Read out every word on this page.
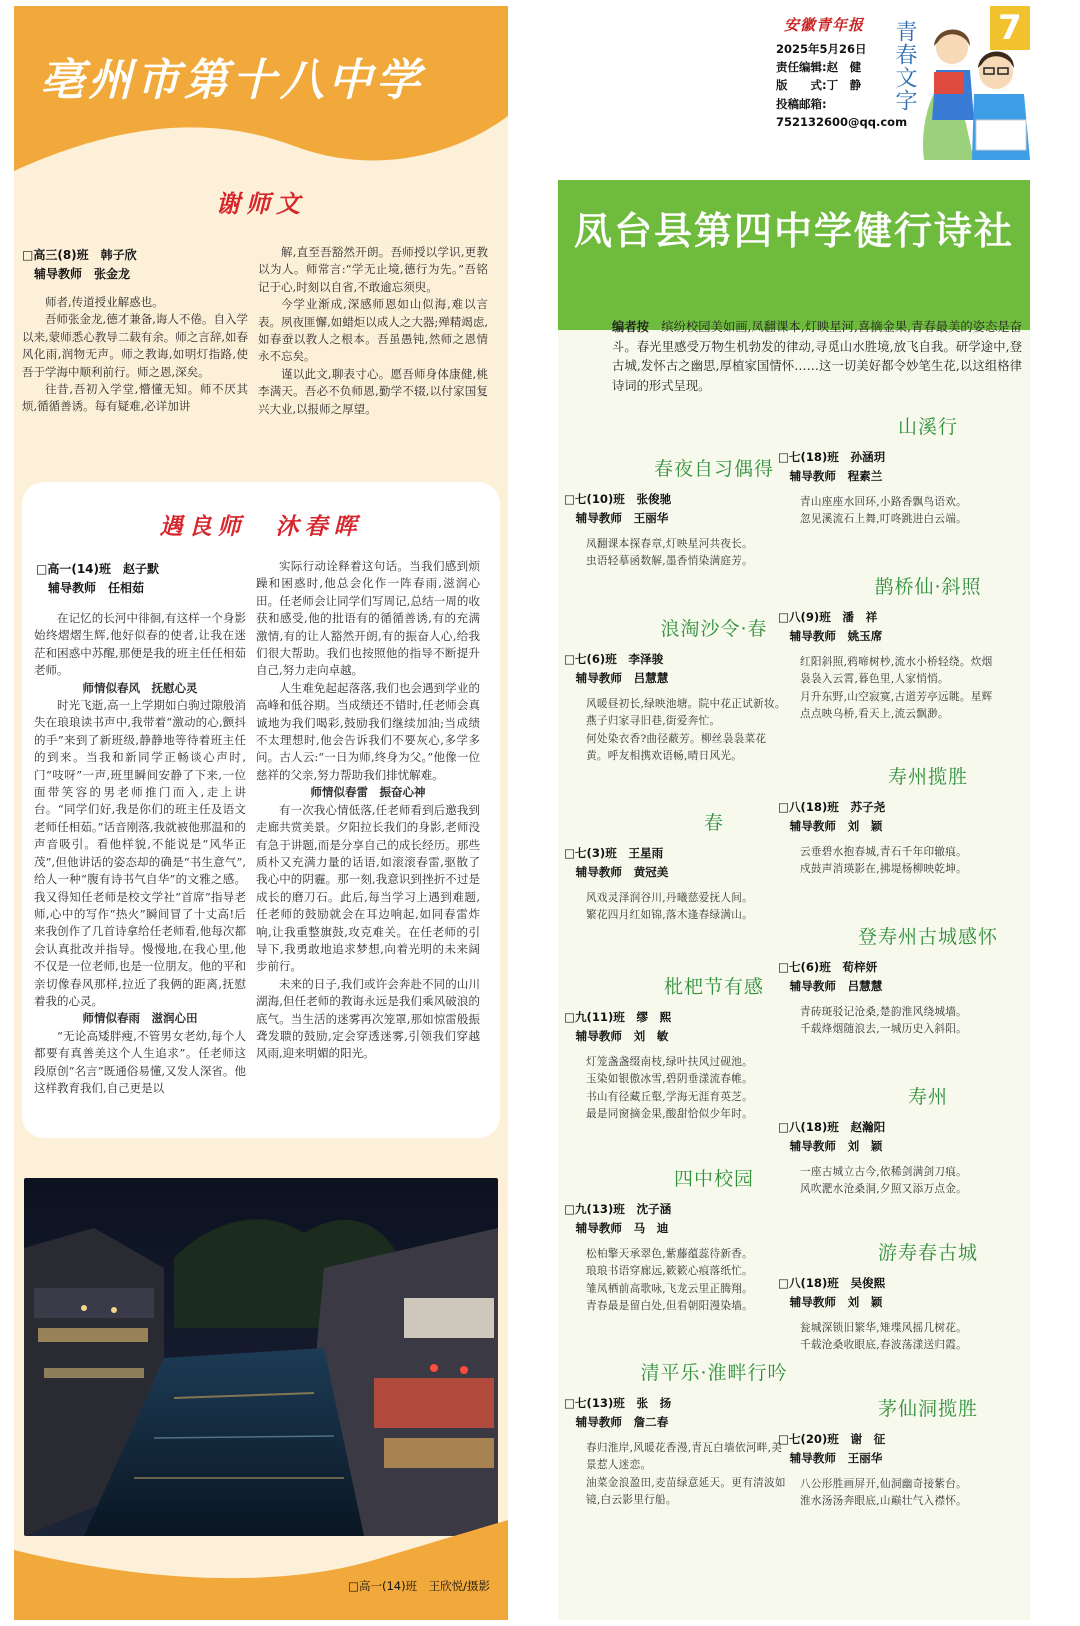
亳州市第十八中学
谢师文
□高三(8)班　韩子欣
　辅导教师　张金龙

师者,传道授业解惑也。

吾师张金龙,德才兼备,诲人不倦。自入学以来,蒙师悉心教导二载有余。师之言辞,如春风化雨,润物无声。师之教诲,如明灯指路,使吾于学海中顺利前行。师之恩,深矣。

往昔,吾初入学堂,懵懂无知。师不厌其烦,循循善诱。每有疑难,必详加讲

解,直至吾豁然开朗。吾师授以学识,更教以为人。师常言:“学无止境,德行为先。”吾铭记于心,时刻以自省,不敢逾忘须臾。

今学业渐成,深感师恩如山似海,难以言表。夙夜匪懈,如蜡炬以成人之大器;殚精竭虑,如春蚕以教人之根本。吾虽愚钝,然师之恩情永不忘矣。

谨以此文,聊表寸心。愿吾师身体康健,桃李满天。吾必不负师恩,勤学不辍,以付家国复兴大业,以报师之厚望。

遇良师　沐春晖
□高一(14)班　赵子默
　辅导教师　任相茹

在记忆的长河中徘徊,有这样一个身影始终熠熠生辉,他好似春的使者,让我在迷茫和困惑中苏醒,那便是我的班主任任相茹老师。

师情似春风　抚慰心灵

时光飞逝,高一上学期如白驹过隙般消失在琅琅读书声中,我带着“激动的心,颤抖的手”来到了新班级,静静地等待着班主任的到来。当我和新同学正畅谈心声时,门“吱呀”一声,班里瞬间安静了下来,一位面带笑容的男老师推门而入,走上讲台。“同学们好,我是你们的班主任及语文老师任相茹。”话音刚落,我就被他那温和的声音吸引。看他样貌,不能说是“风华正茂”,但他讲话的姿态却的确是“书生意气”,给人一种“腹有诗书气自华”的文雅之感。我又得知任老师是校文学社“首席”指导老师,心中的写作“热火”瞬间冒了十丈高!后来我创作了几首诗拿给任老师看,他每次都会认真批改并指导。慢慢地,在我心里,他不仅是一位老师,也是一位朋友。他的平和亲切像春风那样,拉近了我俩的距离,抚慰着我的心灵。

师情似春雨　滋润心田

“无论高矮胖瘦,不管男女老幼,每个人都要有真善美这个人生追求”。任老师这段原创“名言”既通俗易懂,又发人深省。他这样教育我们,自己更是以

实际行动诠释着这句话。当我们感到烦躁和困惑时,他总会化作一阵春雨,滋润心田。任老师会让同学们写周记,总结一周的收获和感受,他的批语有的循循善诱,有的充满激情,有的让人豁然开朗,有的振奋人心,给我们很大帮助。我们也按照他的指导不断提升自己,努力走向卓越。

人生难免起起落落,我们也会遇到学业的高峰和低谷期。当成绩还不错时,任老师会真诚地为我们喝彩,鼓励我们继续加油;当成绩不太理想时,他会告诉我们不要灰心,多学多问。古人云:“一日为师,终身为父。”他像一位慈祥的父亲,努力帮助我们排忧解难。

师情似春雷　振奋心神

有一次我心情低落,任老师看到后邀我到走廊共赏美景。夕阳拉长我们的身影,老师没有急于讲题,而是分享自己的成长经历。那些质朴又充满力量的话语,如滚滚春雷,驱散了我心中的阴霾。那一刻,我意识到挫折不过是成长的磨刀石。此后,每当学习上遇到难题,任老师的鼓励就会在耳边响起,如同春雷炸响,让我重整旗鼓,攻克难关。在任老师的引导下,我勇敢地追求梦想,向着光明的未来阔步前行。

未来的日子,我们或许会奔赴不同的山川湖海,但任老师的教诲永远是我们乘风破浪的底气。当生活的迷雾再次笼罩,那如惊雷般振聋发聩的鼓励,定会穿透迷雾,引领我们穿越风雨,迎来明媚的阳光。

□高一(14)班　王欣悦/摄影
安徽青年报
2025年5月26日
责任编辑:赵　健
版　　式:丁　静
投稿邮箱:
752132600@qq.com
青春文字 7
凤台县第四中学健行诗社
编者按　 缤纷校园美如画,凤翻课本,灯映星河,喜摘金果,青春最美的姿态是奋斗。春光里感受万物生机勃发的律动,寻觅山水胜境,放飞自我。研学途中,登古城,发怀古之幽思,厚植家国情怀……这一切美好都令妙笔生花,以这组格律诗词的形式呈现。
春夜自习偶得
□七(10)班　张俊驰
　辅导教师　王丽华
凤翻课本探春章,灯映星河共夜长。
虫语轻摹函数解,墨香悄染满庭芳。
浪淘沙令·春
□七(6)班　李泽骏
　辅导教师　吕慧慧
风暖昼初长,绿映池塘。院中花正试新妆。燕子归家寻旧巷,街爱奔忙。
何处染衣香?曲径蔽芳。柳丝袅袅菜花黄。呼友相携欢语畅,晴日风光。
春
□七(3)班　王星雨
　辅导教师　黄冠美
风戏灵泽润谷川,丹曦慈爱抚人间。
繁花四月红如锦,落木逢春绿满山。
枇杷节有感
□九(11)班　缪　熙
　辅导教师　刘　敏
灯笼盏盏缀南枝,绿叶扶风过砚池。
玉染如银傲冰雪,碧阴垂漾流春帷。
书山有径藏丘壑,学海无涯育英芝。
最是同窗摘金果,酸甜恰似少年时。
四中校园
□九(13)班　沈子涵
　辅导教师　马　迪
松柏擎天承翠色,紫藤蕴蕊待新香。
琅琅书语穿廊远,簌簌心痕落纸忙。
雏凤栖前高歌咏,飞龙云里正腾翔。
青春最是留白处,但看朝阳漫染墙。
清平乐·淮畔行吟
□七(13)班　张　扬
　辅导教师　詹二春
春归淮岸,风暖花香漫,青瓦白墙依河畔,美景惹人迷恋。
油菜金浪盈田,麦苗绿意延天。更有清波如镜,白云影里行船。
山溪行
□七(18)班　孙涵玥
　辅导教师　程素兰
青山座座水回环,小路香飘鸟语欢。
忽见溪流石上舞,叮咚跳进白云端。
鹊桥仙·斜照
□八(9)班　潘　祥
　辅导教师　姚玉席
红阳斜照,鸦啼树杪,流水小桥轻绕。炊烟袅袅入云霄,暮色里,人家悄悄。
月升东野,山空寂寞,古道芳亭远眺。星辉点点映乌桥,看天上,流云飘渺。
寿州揽胜
□八(18)班　苏子尧
　辅导教师　刘　颖
云垂碧水抱春城,青石千年印辙痕。
戍鼓声消瑛影在,拂堤杨柳映乾坤。
登寿州古城感怀
□七(6)班　荀梓妍
　辅导教师　吕慧慧
青砖斑驳记沧桑,楚韵淮风绕城墙。
千载烽烟随浪去,一城历史入斜阳。
寿州
□八(18)班　赵瀚阳
　辅导教师　刘　颖
一座古城立古今,依稀剑满剑刀痕。
风吹淝水沧桑洞,夕照又添万点金。
游寿春古城
□八(18)班　吴俊熙
　辅导教师　刘　颖
瓮城深锁旧繁华,雉堞风摇几树花。
千载沧桑收眼底,春波荡漾送归霞。
茅仙洞揽胜
□七(20)班　谢　征
　辅导教师　王丽华
八公形胜画屏开,仙洞幽奇接紫台。
淮水汤汤奔眼底,山巅壮气入襟怀。
